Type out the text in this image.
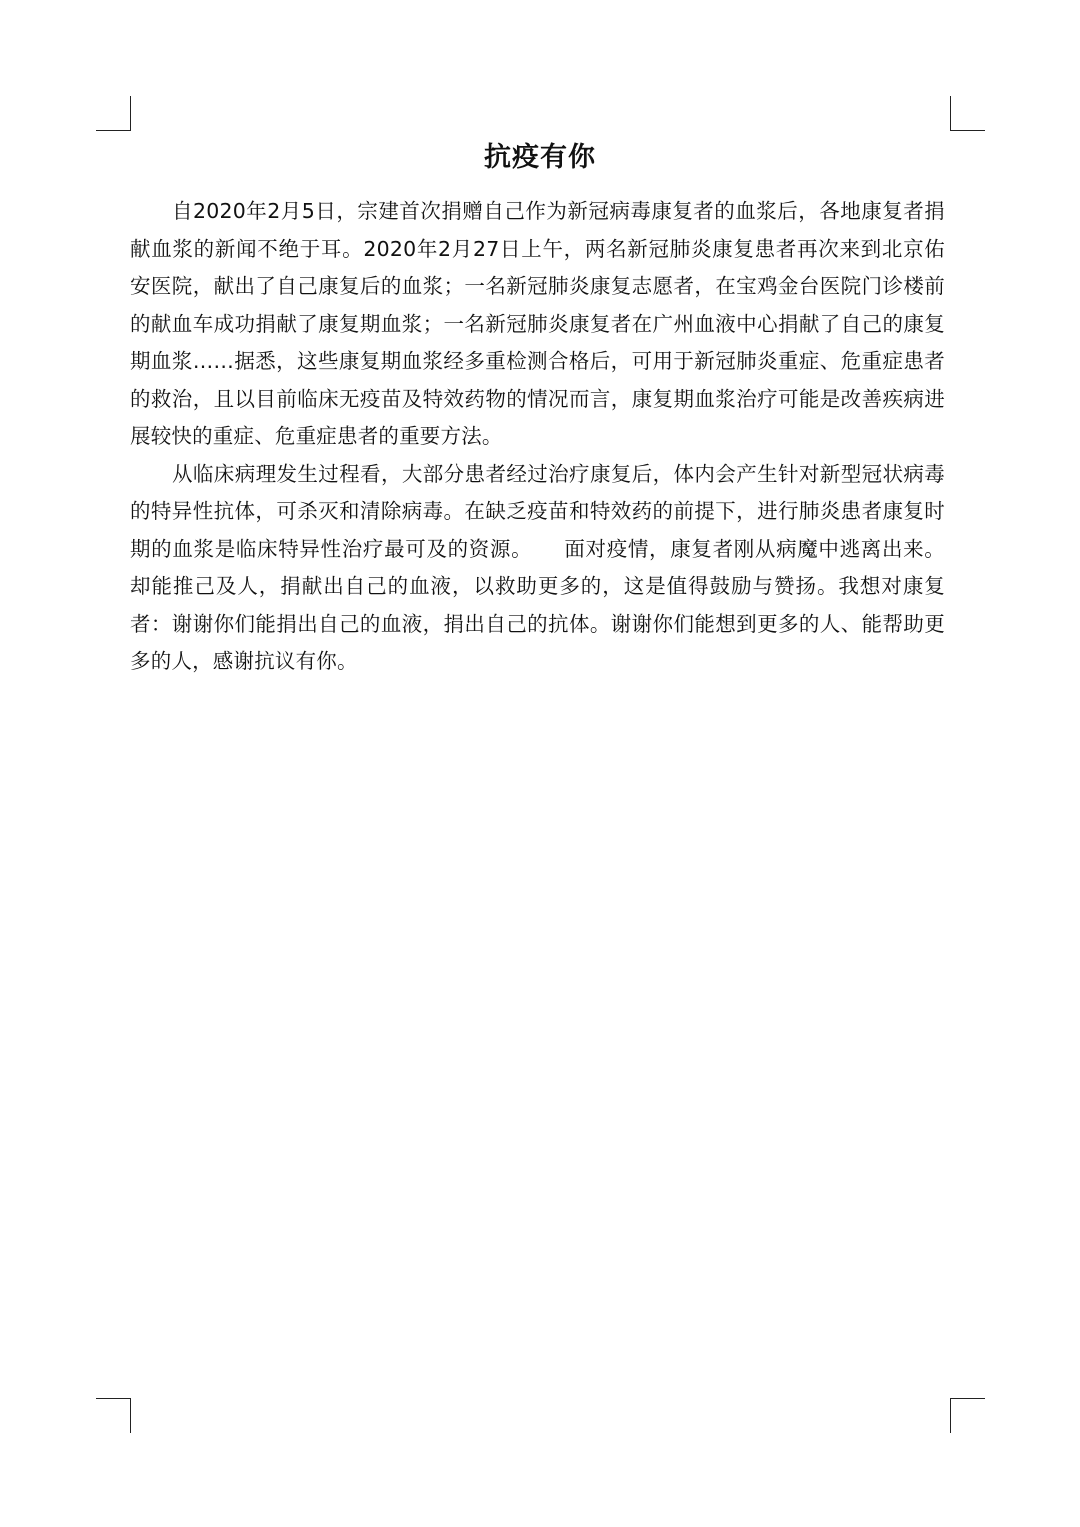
抗疫有你

自2020年2月5日，宗建首次捐赠自己作为新冠病毒康复者的血浆后，各地康复者捐献血浆的新闻不绝于耳。2020年2月27日上午，两名新冠肺炎康复患者再次来到北京佑安医院，献出了自己康复后的血浆；一名新冠肺炎康复志愿者，在宝鸡金台医院门诊楼前的献血车成功捐献了康复期血浆；一名新冠肺炎康复者在广州血液中心捐献了自己的康复期血浆……据悉，这些康复期血浆经多重检测合格后，可用于新冠肺炎重症、危重症患者的救治，且以目前临床无疫苗及特效药物的情况而言，康复期血浆治疗可能是改善疾病进展较快的重症、危重症患者的重要方法。

从临床病理发生过程看，大部分患者经过治疗康复后，体内会产生针对新型冠状病毒的特异性抗体，可杀灭和清除病毒。在缺乏疫苗和特效药的前提下，进行肺炎患者康复时期的血浆是临床特异性治疗最可及的资源。　　面对疫情，康复者刚从病魔中逃离出来。却能推己及人，捐献出自己的血液，以救助更多的，这是值得鼓励与赞扬。我想对康复者：谢谢你们能捐出自己的血液，捐出自己的抗体。谢谢你们能想到更多的人、能帮助更多的人，感谢抗议有你。
